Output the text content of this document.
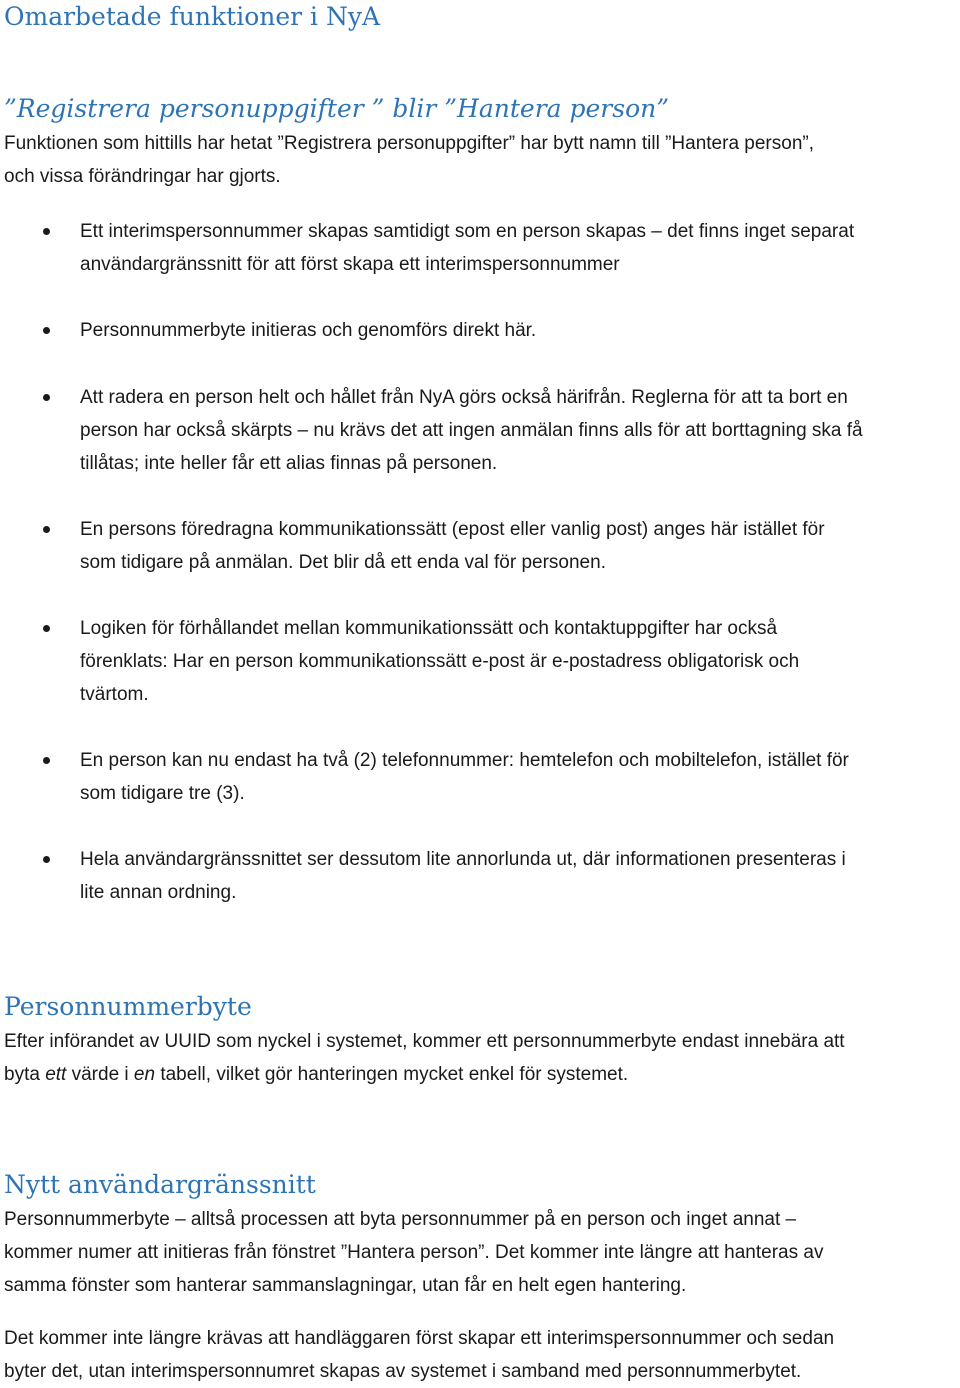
Omarbetade funktioner i NyA
”Registrera personuppgifter ” blir ”Hantera person”
Funktionen som hittills har hetat ”Registrera personuppgifter” har bytt namn till ”Hantera person”,
och vissa förändringar har gjorts.
Ett interimspersonnummer skapas samtidigt som en person skapas – det finns inget separat
användargränssnitt för att först skapa ett interimspersonnummer
Personnummerbyte initieras och genomförs direkt här.
Att radera en person helt och hållet från NyA görs också härifrån. Reglerna för att ta bort en
person har också skärpts – nu krävs det att ingen anmälan finns alls för att borttagning ska få
tillåtas; inte heller får ett alias finnas på personen.
En persons föredragna kommunikationssätt (epost eller vanlig post) anges här istället för
som tidigare på anmälan. Det blir då ett enda val för personen.
Logiken för förhållandet mellan kommunikationssätt och kontaktuppgifter har också
förenklats: Har en person kommunikationssätt e-post är e-postadress obligatorisk och
tvärtom.
En person kan nu endast ha två (2) telefonnummer: hemtelefon och mobiltelefon, istället för
som tidigare tre (3).
Hela användargränssnittet ser dessutom lite annorlunda ut, där informationen presenteras i
lite annan ordning.
Personnummerbyte
Efter införandet av UUID som nyckel i systemet, kommer ett personnummerbyte endast innebära att
byta ett värde i en tabell, vilket gör hanteringen mycket enkel för systemet.
Nytt användargränssnitt
Personnummerbyte – alltså processen att byta personnummer på en person och inget annat –
kommer numer att initieras från fönstret ”Hantera person”. Det kommer inte längre att hanteras av
samma fönster som hanterar sammanslagningar, utan får en helt egen hantering.
Det kommer inte längre krävas att handläggaren först skapar ett interimspersonnummer och sedan
byter det, utan interimspersonnumret skapas av systemet i samband med personnummerbytet.
